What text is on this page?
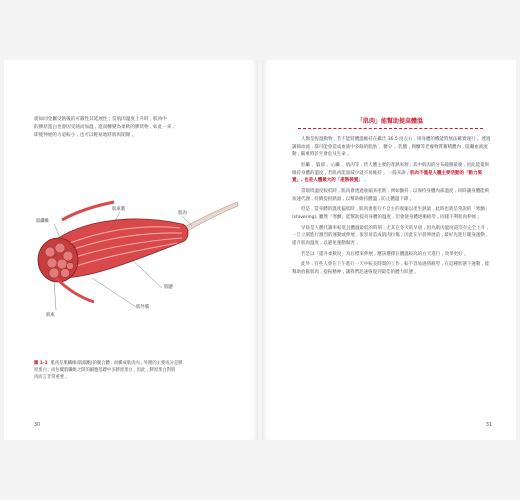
就如同金屬受熱後的可鍛性其延展性 ; 當肌肉溫度上升時 , 肌肉中
的膠原蛋白也會因受熱而加溫 , 進而轉變為柔軟的膠狀物 , 如此一來 ,
即使伸展的力道較小 , 也可以輕易地將肌肉開開 。
肌纖維
肌束膜
肌肉
肌腱
肌外膜
肌束
圖 1-1 肌肉是肌纖維(肌細胞)的聚合體 , 而構成肌肉內 , 外圍的主要成分是膠
原蛋白 ; 而包覆肌纖維之間的細胞基礎中多膠原蛋白 , 因此 , 膠原蛋白對肌
肉而言非常重要 。
30
「肌肉」能幫助提高體溫

人類是恆溫動物 , 若不能將體溫維持在攝氏 36.5 度左右 , 則身體的機能將無法確實運行 。透過調節血流 , 都可能會造成血液中多餘的脂肪 、糖分 、乳酸 , 與醣等老廢物質蓄積體內 , 阻礙血液流動 , 嚴重時甚至會危及生命 。

肝臟 、腦部 、心臟 、肌肉等 , 皆人體主要的產熱來源 , 其中肌肉的分布範圍最廣 , 因此能量與維持身體的溫度 , 若肌肉能量減少就不易維持 。一般來說 , 肌肉不僅是人體主要活動的「動力裝置」, 也是人體最大的「產熱裝置」 。

當環境溫度較低時 , 肌肉會透過收縮來產熱 , 例如顫抖 , 以保持身體內部溫度 , 同時讓身體能夠加速代謝 , 持續提供熱量 , 以幫助維持體溫 , 防止體溫下降 。

但是 , 當身體的溫度偏低時 , 肌肉會進行不自主的收縮以產生熱量 , 此時也就是常說的「寒顫」(shivering), 雖然「寒顫」能幫助提高身體的溫度 , 但會使身體逐漸疲勞 , 同樣不利肌肉伸展 。

早晨是人體代謝率較低且體溫最低的時刻 , 尤其在冬天的早晨 , 因為肌肉溫度還沒有完全上升 , 一旦立刻進行激烈的運動或伸展 , 很容易造成肌肉拉傷 , 因此在早晨伸展前 , 最好先進行暖身運動 , 提升肌肉溫度 , 以避免運動傷害 。

若是以「提升柔軟度」為目標來伸展 , 應該選擇在體溫較高的白天進行 , 效果更好 。

此外 , 有些人會在下午進行一天中較長時間的工作 , 較不容易感到疲勞 , 在這種狀態下運動 , 能幫助放鬆肌肉 , 提振精神 , 讓我們迅速恢復到最佳的體力狀態 。

31
